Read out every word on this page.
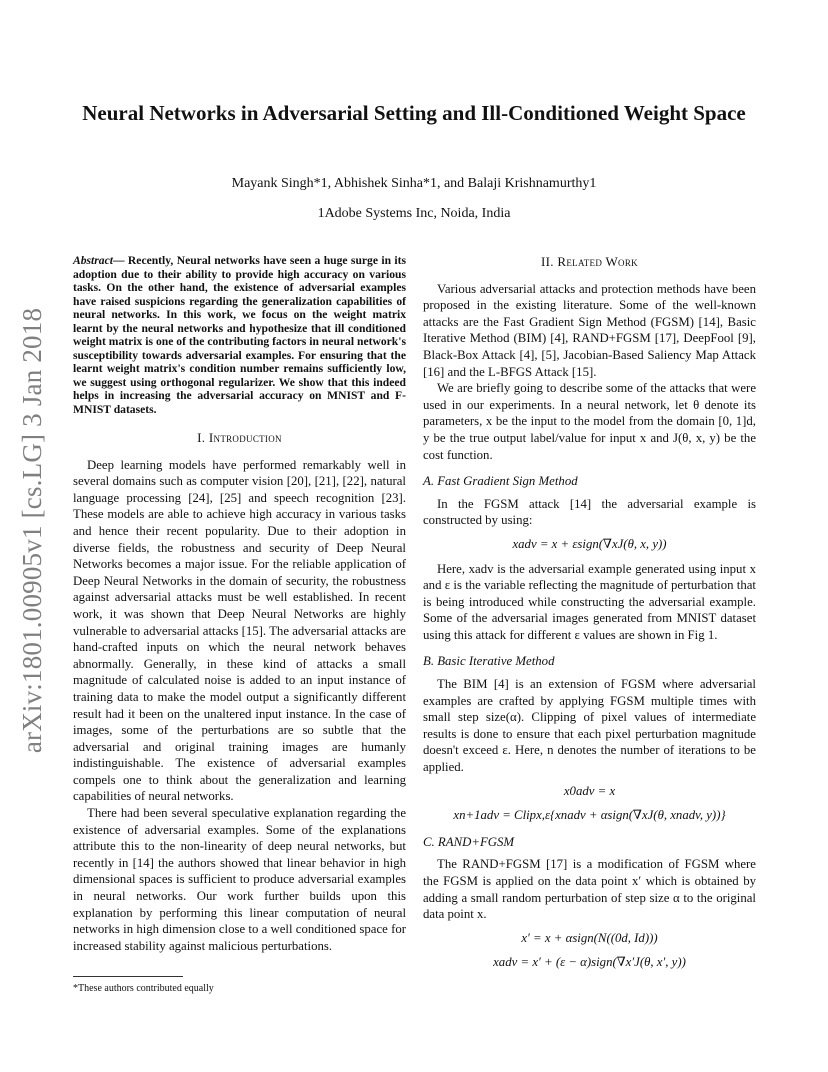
arXiv:1801.00905v1 [cs.LG] 3 Jan 2018
Neural Networks in Adversarial Setting and Ill-Conditioned Weight Space
Mayank Singh*1, Abhishek Sinha*1, and Balaji Krishnamurthy1
1Adobe Systems Inc, Noida, India
Abstract— Recently, Neural networks have seen a huge surge in its adoption due to their ability to provide high accuracy on various tasks. On the other hand, the existence of adversarial examples have raised suspicions regarding the generalization capabilities of neural networks. In this work, we focus on the weight matrix learnt by the neural networks and hypothesize that ill conditioned weight matrix is one of the contributing factors in neural network's susceptibility towards adversarial examples. For ensuring that the learnt weight matrix's condition number remains sufficiently low, we suggest using orthogonal regularizer. We show that this indeed helps in increasing the adversarial accuracy on MNIST and F-MNIST datasets.
I. Introduction

Deep learning models have performed remarkably well in several domains such as computer vision [20], [21], [22], natural language processing [24], [25] and speech recognition [23]. These models are able to achieve high accuracy in various tasks and hence their recent popularity. Due to their adoption in diverse fields, the robustness and security of Deep Neural Networks becomes a major issue. For the reliable application of Deep Neural Networks in the domain of security, the robustness against adversarial attacks must be well established. In recent work, it was shown that Deep Neural Networks are highly vulnerable to adversarial attacks [15]. The adversarial attacks are hand-crafted inputs on which the neural network behaves abnormally. Generally, in these kind of attacks a small magnitude of calculated noise is added to an input instance of training data to make the model output a significantly different result had it been on the unaltered input instance. In the case of images, some of the perturbations are so subtle that the adversarial and original training images are humanly indistinguishable. The existence of adversarial examples compels one to think about the generalization and learning capabilities of neural networks.

There had been several speculative explanation regarding the existence of adversarial examples. Some of the explanations attribute this to the non-linearity of deep neural networks, but recently in [14] the authors showed that linear behavior in high dimensional spaces is sufficient to produce adversarial examples in neural networks. Our work further builds upon this explanation by performing this linear computation of neural networks in high dimension close to a well conditioned space for increased stability against malicious perturbations.

II. Related Work

Various adversarial attacks and protection methods have been proposed in the existing literature. Some of the well-known attacks are the Fast Gradient Sign Method (FGSM) [14], Basic Iterative Method (BIM) [4], RAND+FGSM [17], DeepFool [9], Black-Box Attack [4], [5], Jacobian-Based Saliency Map Attack [16] and the L-BFGS Attack [15].

We are briefly going to describe some of the attacks that were used in our experiments. In a neural network, let θ denote its parameters, x be the input to the model from the domain [0, 1]d, y be the true output label/value for input x and J(θ, x, y) be the cost function.

A. Fast Gradient Sign Method

In the FGSM attack [14] the adversarial example is constructed by using:

xadv = x + εsign(∇xJ(θ, x, y))

Here, xadv is the adversarial example generated using input x and ε is the variable reflecting the magnitude of perturbation that is being introduced while constructing the adversarial example. Some of the adversarial images generated from MNIST dataset using this attack for different ε values are shown in Fig 1.

B. Basic Iterative Method

The BIM [4] is an extension of FGSM where adversarial examples are crafted by applying FGSM multiple times with small step size(α). Clipping of pixel values of intermediate results is done to ensure that each pixel perturbation magnitude doesn't exceed ε. Here, n denotes the number of iterations to be applied.

x0adv = x
xn+1adv = Clipx,ε{xnadv + αsign(∇xJ(θ, xnadv, y))}
C. RAND+FGSM

The RAND+FGSM [17] is a modification of FGSM where the FGSM is applied on the data point x′ which is obtained by adding a small random perturbation of step size α to the original data point x.

x′ = x + αsign(N((0d, Id)))
xadv = x′ + (ε − α)sign(∇x′J(θ, x′, y))
*These authors contributed equally
